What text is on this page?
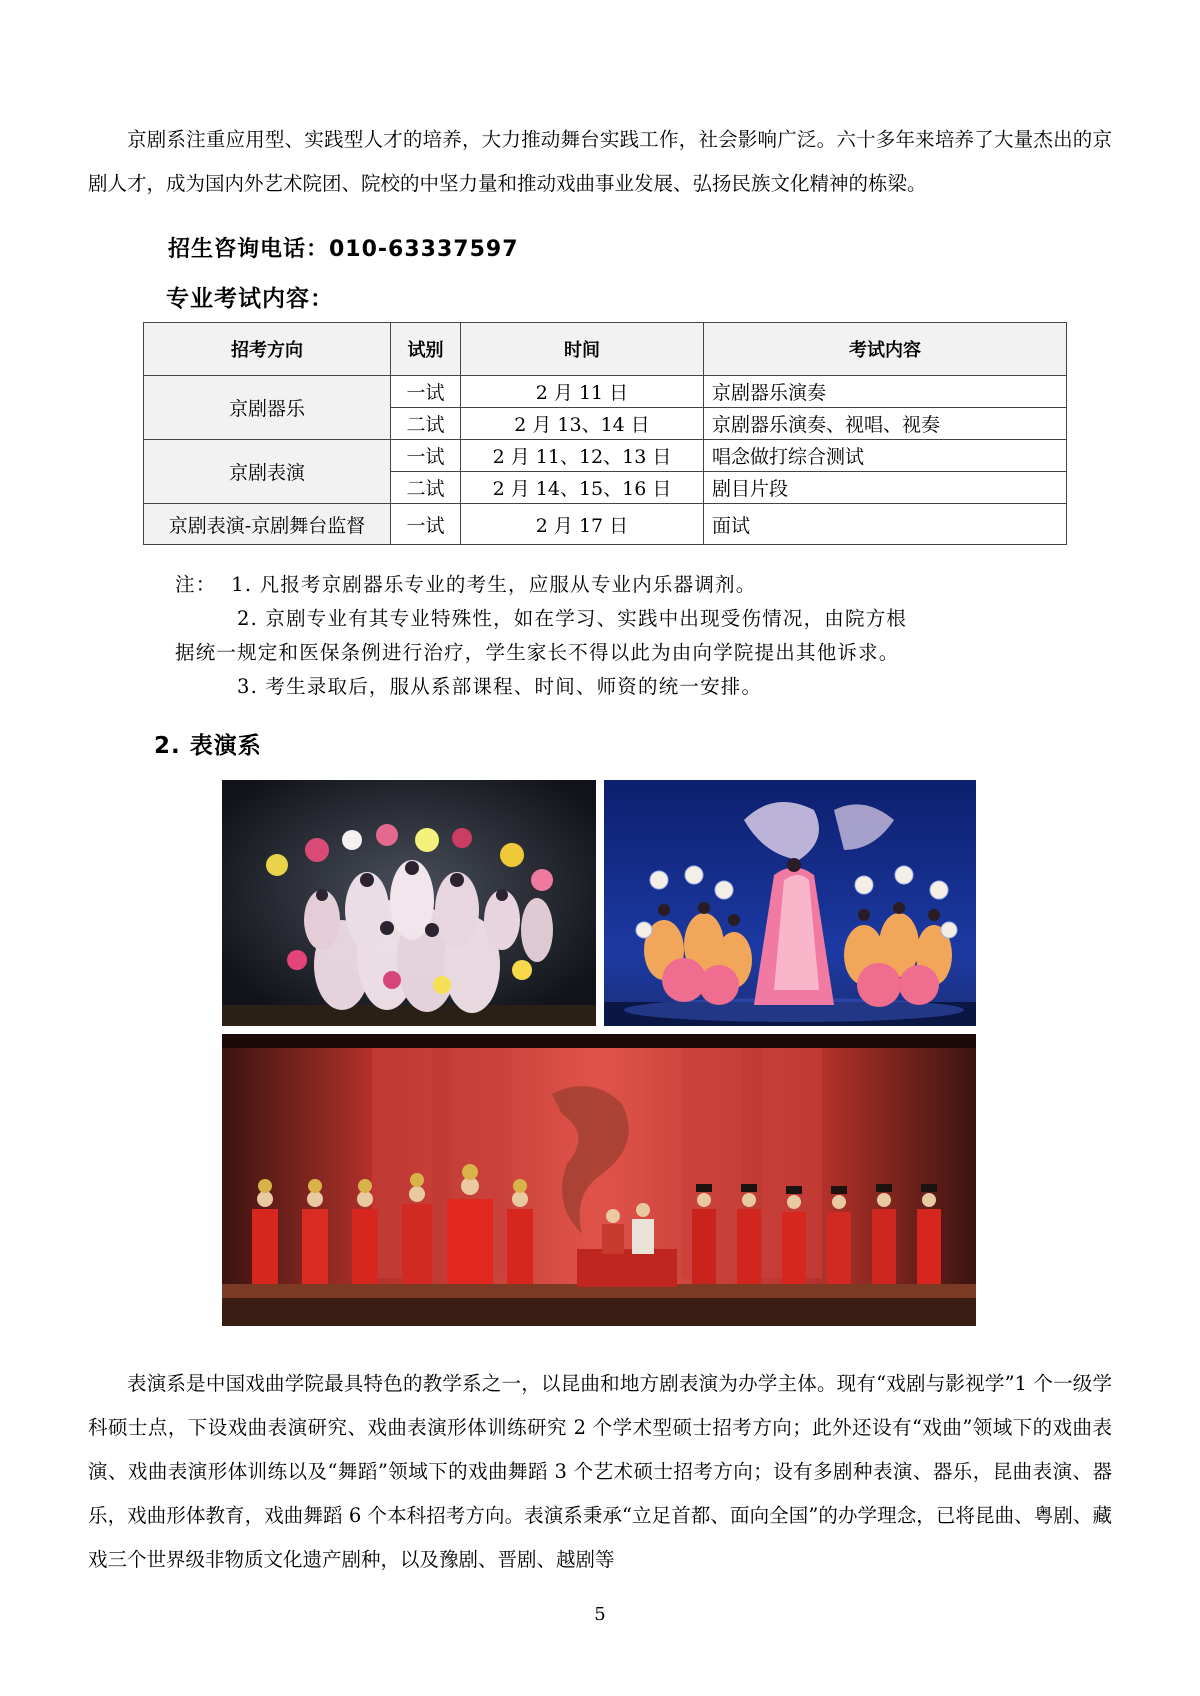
京剧系注重应用型、实践型人才的培养，大力推动舞台实践工作，社会影响广泛。六十多年来培养了大量杰出的京剧人才，成为国内外艺术院团、院校的中坚力量和推动戏曲事业发展、弘扬民族文化精神的栋梁。

招生咨询电话：010-63337597

专业考试内容：

招考方向	试别	时间	考试内容
京剧器乐	一试	2 月 11 日	京剧器乐演奏
	二试	2 月 13、14 日	京剧器乐演奏、视唱、视奏
京剧表演	一试	2 月 11、12、13 日	唱念做打综合测试
	二试	2 月 14、15、16 日	剧目片段
京剧表演-京剧舞台监督	一试	2 月 17 日	面试

注： 1. 凡报考京剧器乐专业的考生，应服从专业内乐器调剂。

2. 京剧专业有其专业特殊性，如在学习、实践中出现受伤情况，由院方根

据统一规定和医保条例进行治疗，学生家长不得以此为由向学院提出其他诉求。

3. 考生录取后，服从系部课程、时间、师资的统一安排。

2. 表演系

表演系是中国戏曲学院最具特色的教学系之一，以昆曲和地方剧表演为办学主体。现有“戏剧与影视学”1 个一级学科硕士点，下设戏曲表演研究、戏曲表演形体训练研究 2 个学术型硕士招考方向；此外还设有“戏曲”领域下的戏曲表演、戏曲表演形体训练以及“舞蹈”领域下的戏曲舞蹈 3 个艺术硕士招考方向；设有多剧种表演、器乐，昆曲表演、器乐，戏曲形体教育，戏曲舞蹈 6 个本科招考方向。表演系秉承“立足首都、面向全国”的办学理念，已将昆曲、粤剧、藏戏三个世界级非物质文化遗产剧种，以及豫剧、晋剧、越剧等

5
